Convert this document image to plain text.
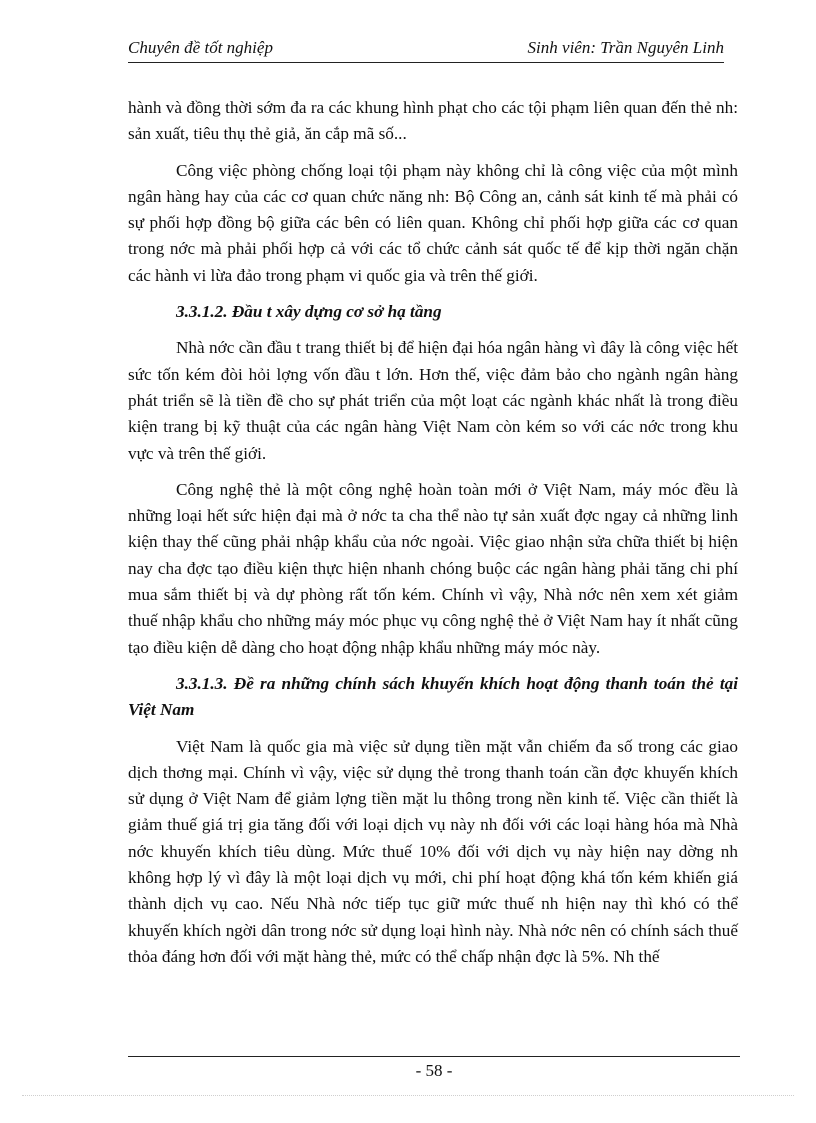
Chuyên đề tốt nghiệp	Sinh viên: Trần Nguyên Linh

hành và đồng thời sớm đa ra các khung hình phạt cho các tội phạm liên quan đến thẻ nh: sản xuất, tiêu thụ thẻ giả, ăn cắp mã số...

Công việc phòng chống loại tội phạm này không chỉ là công việc của một mình ngân hàng hay của các cơ quan chức năng nh: Bộ Công an, cảnh sát kinh tế mà phải có sự phối hợp đồng bộ giữa các bên có liên quan. Không chỉ phối hợp giữa các cơ quan trong nớc mà phải phối hợp cả với các tổ chức cảnh sát quốc tế để kịp thời ngăn chặn các hành vi lừa đảo trong phạm vi quốc gia và trên thế giới.

3.3.1.2. Đầu t xây dựng cơ sở hạ tầng

Nhà nớc cần đầu t trang thiết bị để hiện đại hóa ngân hàng vì đây là công việc hết sức tốn kém đòi hỏi lợng vốn đầu t lớn. Hơn thế, việc đảm bảo cho ngành ngân hàng phát triển sẽ là tiền đề cho sự phát triển của một loạt các ngành khác nhất là trong điều kiện trang bị kỹ thuật của các ngân hàng Việt Nam còn kém so với các nớc trong khu vực và trên thế giới.

Công nghệ thẻ là một công nghệ hoàn toàn mới ở Việt Nam, máy móc đều là những loại hết sức hiện đại mà ở nớc ta cha thể nào tự sản xuất đợc ngay cả những linh kiện thay thế cũng phải nhập khẩu của nớc ngoài. Việc giao nhận sửa chữa thiết bị hiện nay cha đợc tạo điều kiện thực hiện nhanh chóng buộc các ngân hàng phải tăng chi phí mua sắm thiết bị và dự phòng rất tốn kém. Chính vì vậy, Nhà nớc nên xem xét giảm thuế nhập khẩu cho những máy móc phục vụ công nghệ thẻ ở Việt Nam hay ít nhất cũng tạo điều kiện dễ dàng cho hoạt động nhập khẩu những máy móc này.

3.3.1.3. Đề ra những chính sách khuyến khích hoạt động thanh toán thẻ tại Việt Nam

Việt Nam là quốc gia mà việc sử dụng tiền mặt vẫn chiếm đa số trong các giao dịch thơng mại. Chính vì vậy, việc sử dụng thẻ trong thanh toán cần đợc khuyến khích sử dụng ở Việt Nam để giảm lợng tiền mặt lu thông trong nền kinh tế. Việc cần thiết là giảm thuế giá trị gia tăng đối với loại dịch vụ này nh đối với các loại hàng hóa mà Nhà nớc khuyến khích tiêu dùng. Mức thuế 10% đối với dịch vụ này hiện nay dờng nh không hợp lý vì đây là một loại dịch vụ mới, chi phí hoạt động khá tốn kém khiến giá thành dịch vụ cao. Nếu Nhà nớc tiếp tục giữ mức thuế nh hiện nay thì khó có thể khuyến khích ngời dân trong nớc sử dụng loại hình này. Nhà nớc nên có chính sách thuế thỏa đáng hơn đối với mặt hàng thẻ, mức có thể chấp nhận đợc là 5%. Nh thế

- 58 -
